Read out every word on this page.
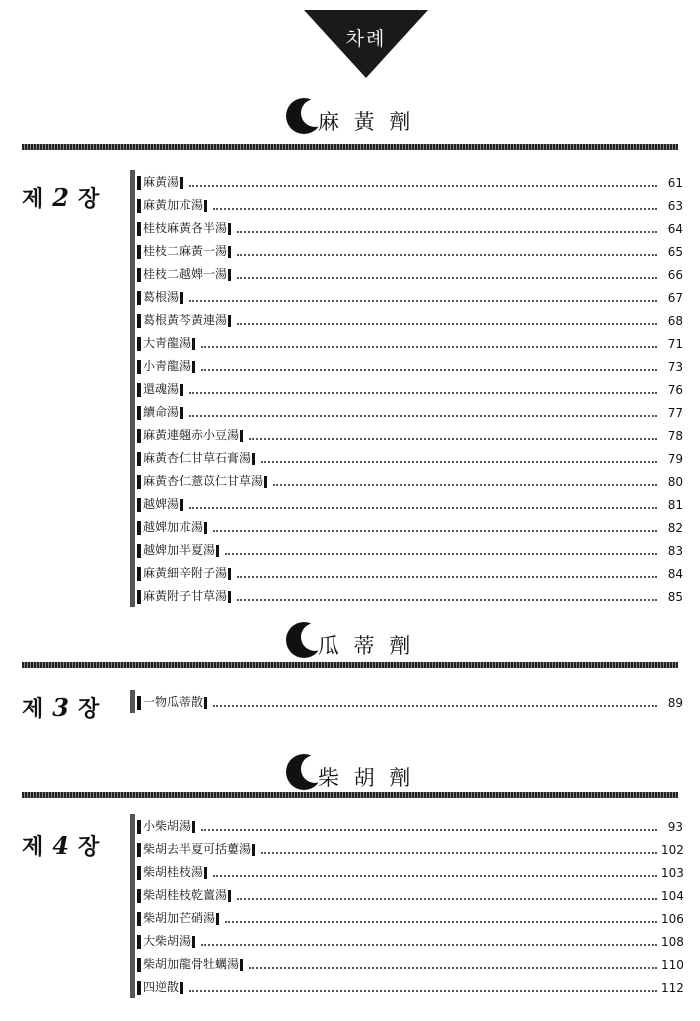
차례
麻 黃 劑
제 2 장
麻黃湯	61
麻黃加朮湯	63
桂枝麻黃各半湯	64
桂枝二麻黃一湯	65
桂枝二越婢一湯	66
葛根湯	67
葛根黃芩黃連湯	68
大靑龍湯	71
小靑龍湯	73
還魂湯	76
續命湯	77
麻黃連翹赤小豆湯	78
麻黃杏仁甘草石膏湯	79
麻黃杏仁薏苡仁甘草湯	80
越婢湯	81
越婢加朮湯	82
越婢加半夏湯	83
麻黃細辛附子湯	84
麻黃附子甘草湯	85
瓜 蒂 劑
제 3 장	一物瓜蒂散	89
柴 胡 劑
제 4 장
小柴胡湯	93
柴胡去半夏可括蔞湯	102
柴胡桂枝湯	103
柴胡桂枝乾薑湯	104
柴胡加芒硝湯	106
大柴胡湯	108
柴胡加龍骨牡蠣湯	110
四逆散	112
